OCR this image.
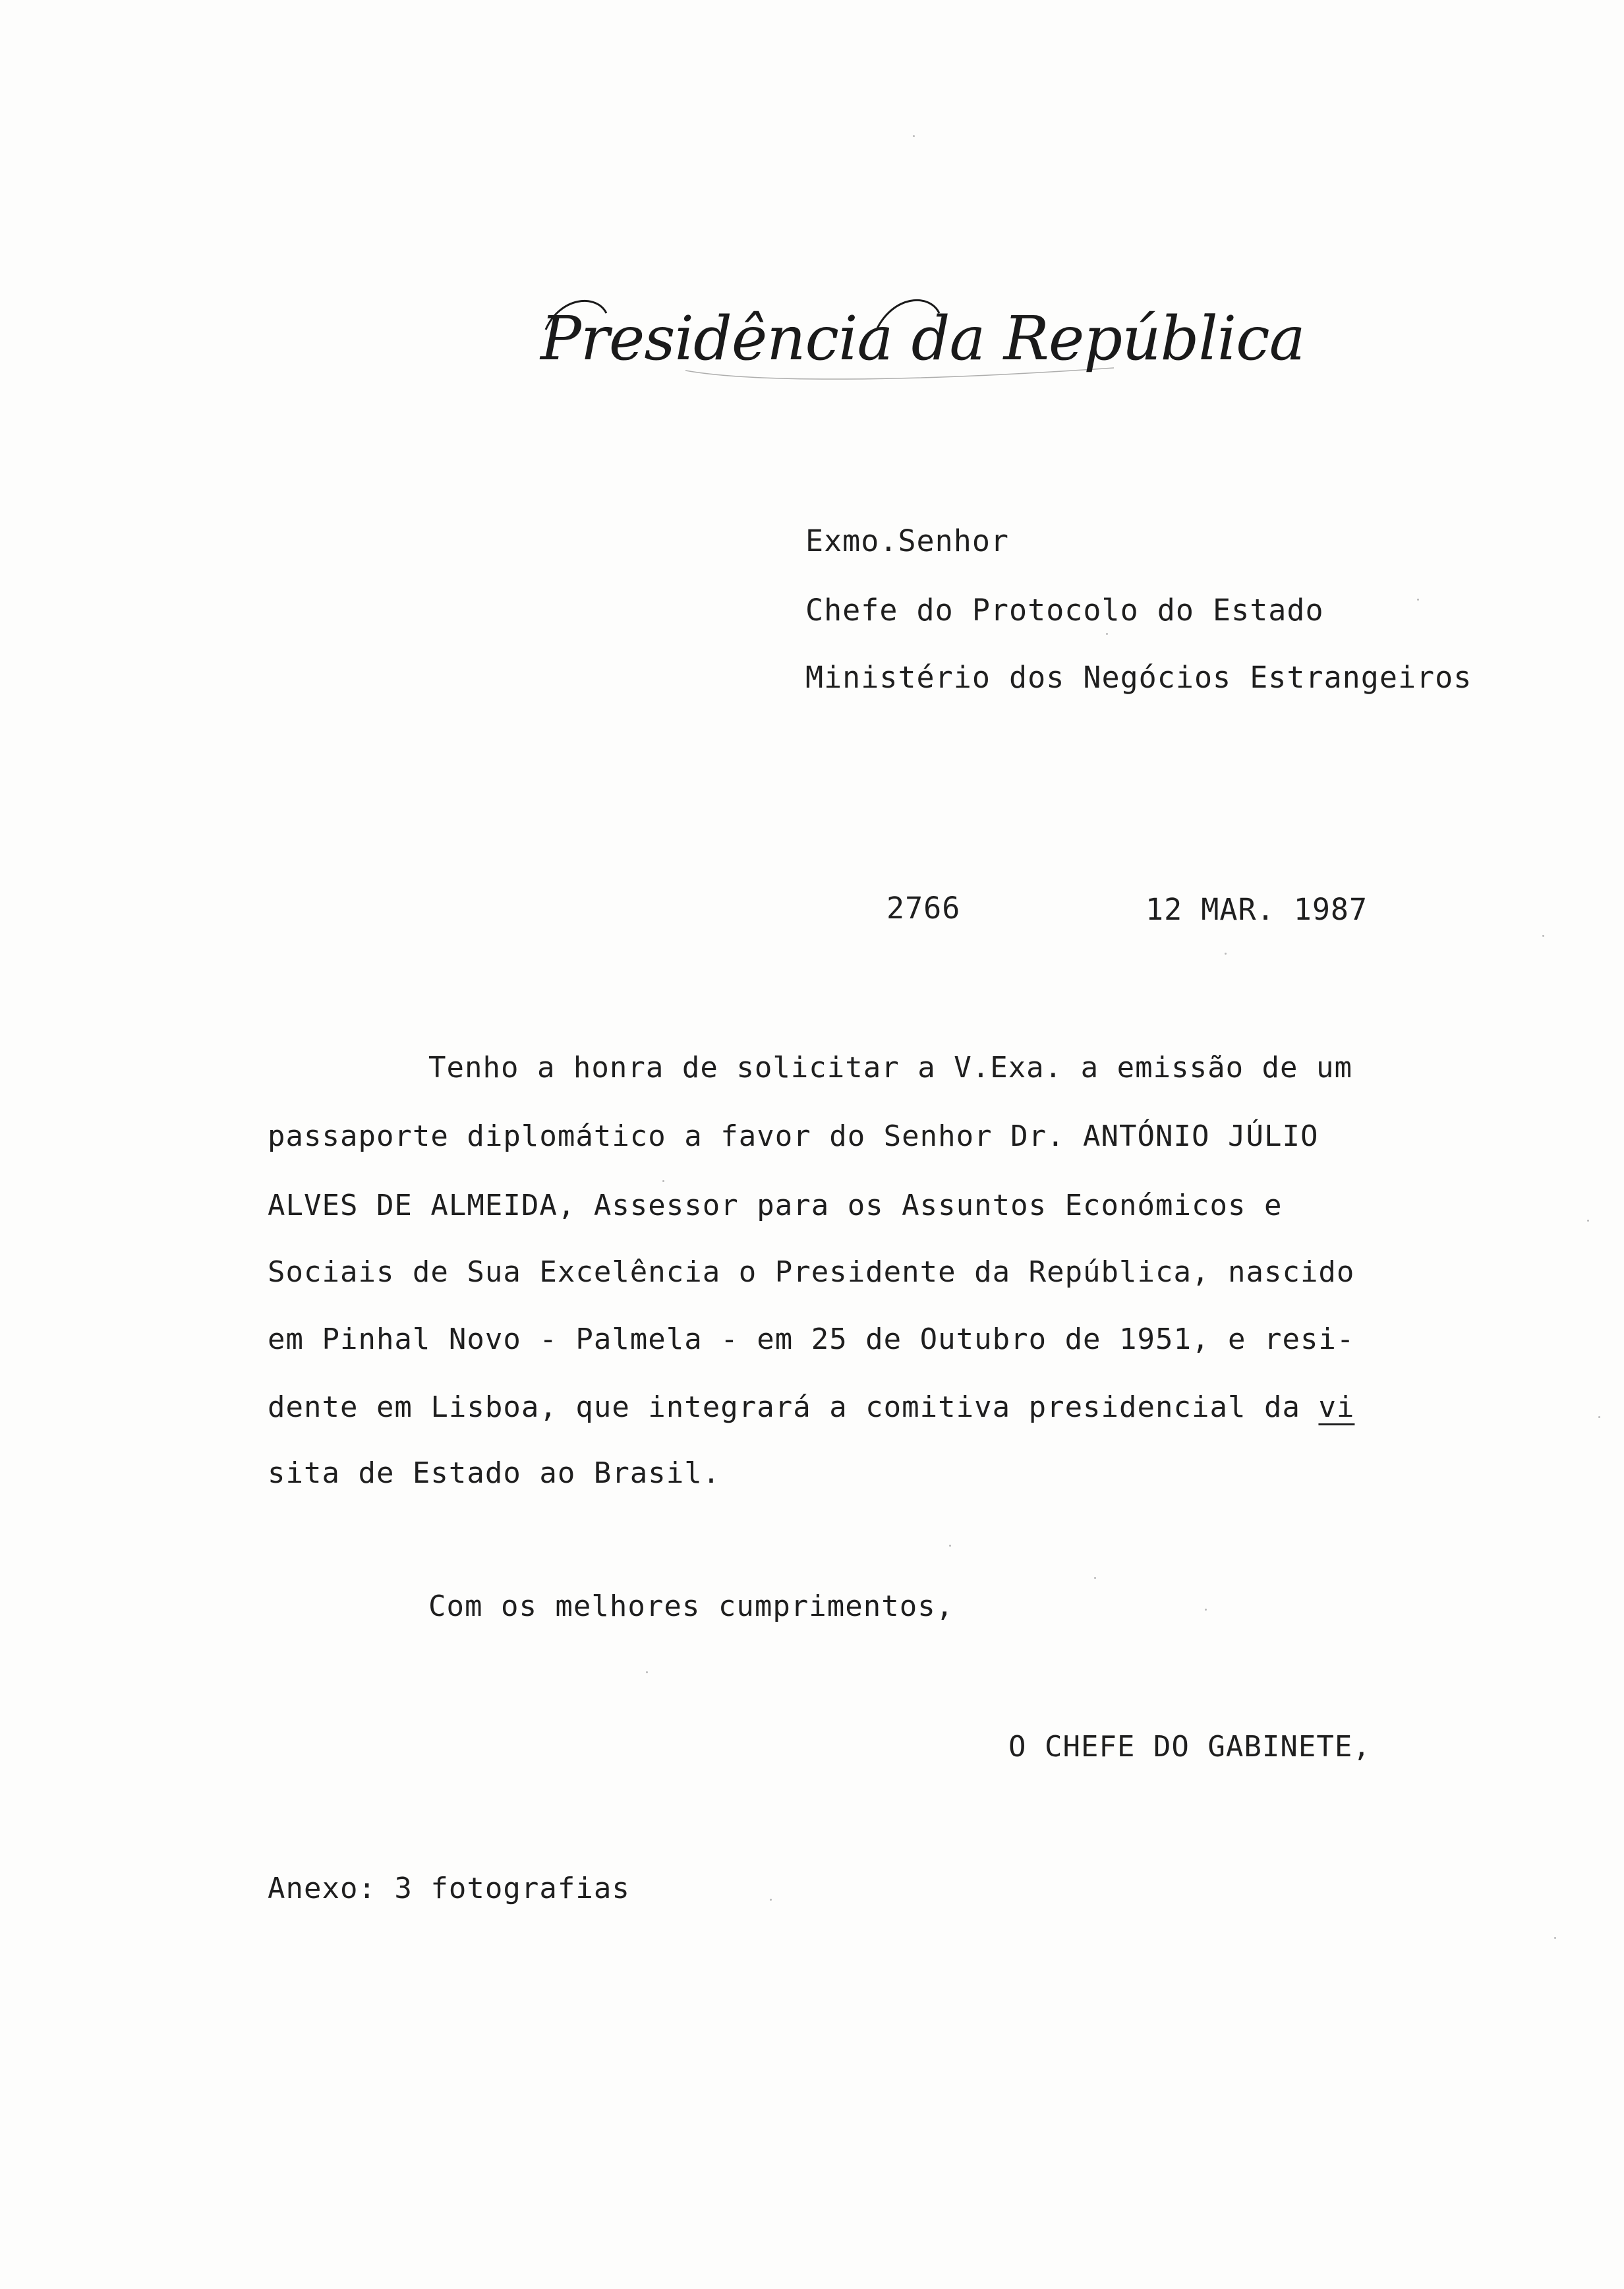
Presidência da República
Exmo.Senhor
Chefe do Protocolo do Estado
Ministério dos Negócios Estrangeiros
2766	12 MAR. 1987
Tenho a honra de solicitar a V.Exa. a emissão de um
passaporte diplomático a favor do Senhor Dr. ANTÓNIO JÚLIO
ALVES DE ALMEIDA, Assessor para os Assuntos Económicos e
Sociais de Sua Excelência o Presidente da República, nascido
em Pinhal Novo - Palmela - em 25 de Outubro de 1951, e resi-
dente em Lisboa, que integrará a comitiva presidencial da vi
sita de Estado ao Brasil.
Com os melhores cumprimentos,
O CHEFE DO GABINETE,
Anexo: 3 fotografias
